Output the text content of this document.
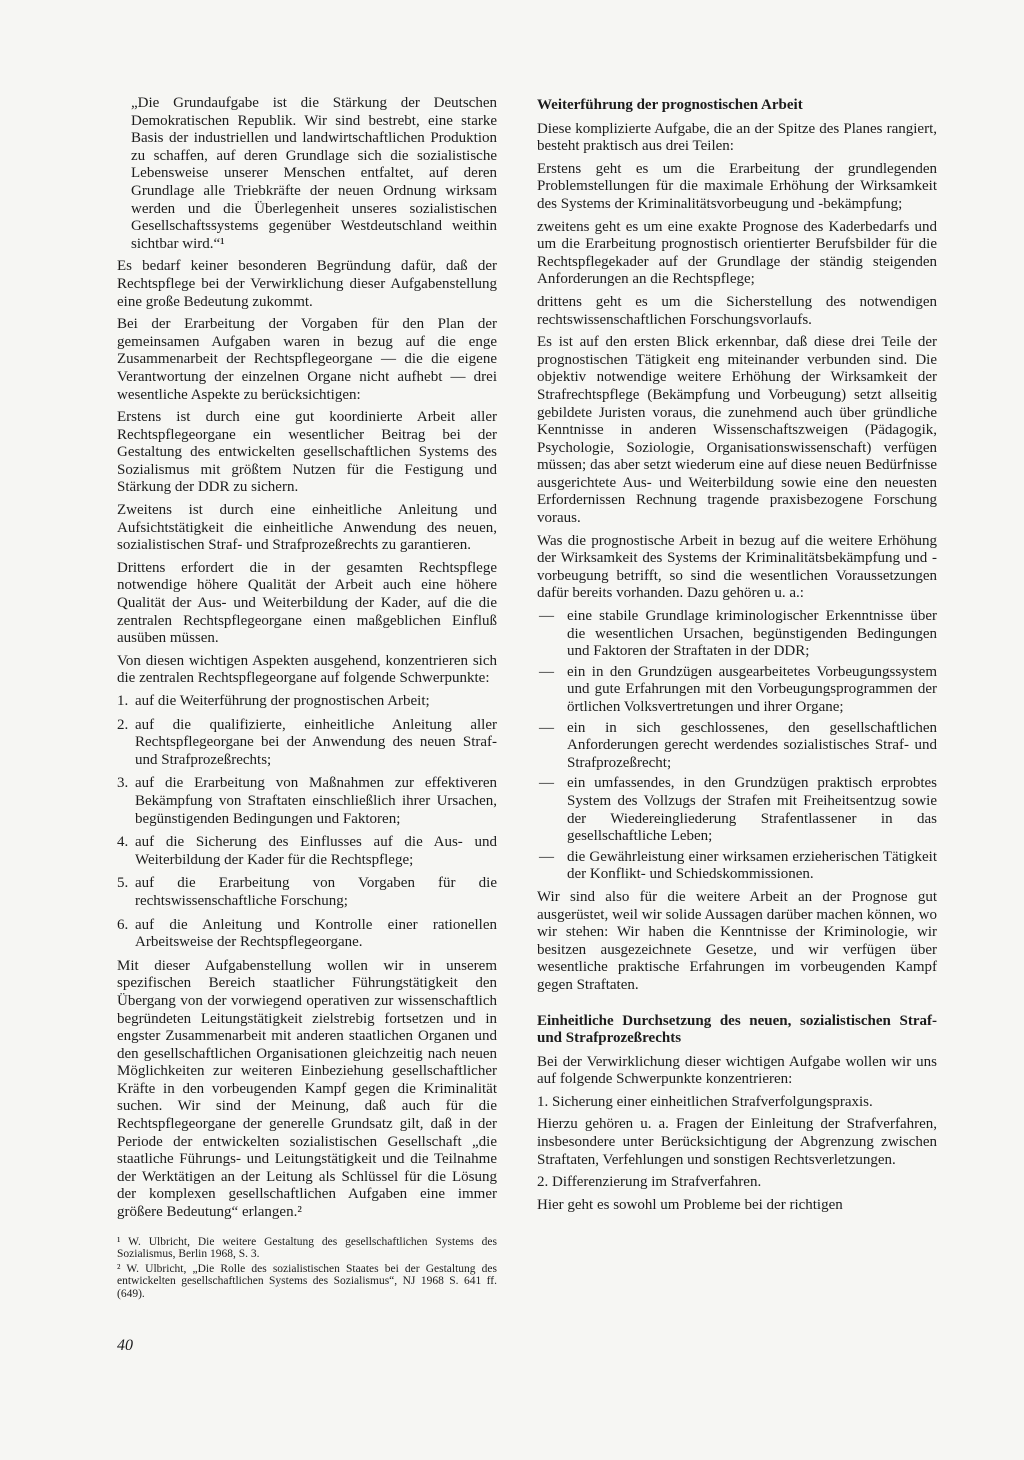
„Die Grundaufgabe ist die Stärkung der Deutschen Demokratischen Republik. Wir sind bestrebt, eine starke Basis der industriellen und landwirtschaftlichen Produktion zu schaffen, auf deren Grundlage sich die sozialistische Lebensweise unserer Menschen entfaltet, auf deren Grundlage alle Triebkräfte der neuen Ordnung wirksam werden und die Überlegenheit unseres sozialistischen Gesellschaftssystems gegenüber Westdeutschland weithin sichtbar wird.“¹

Es bedarf keiner besonderen Begründung dafür, daß der Rechtspflege bei der Verwirklichung dieser Aufgabenstellung eine große Bedeutung zukommt.

Bei der Erarbeitung der Vorgaben für den Plan der gemeinsamen Aufgaben waren in bezug auf die enge Zusammenarbeit der Rechtspflegeorgane — die die eigene Verantwortung der einzelnen Organe nicht aufhebt — drei wesentliche Aspekte zu berücksichtigen:

Erstens ist durch eine gut koordinierte Arbeit aller Rechtspflegeorgane ein wesentlicher Beitrag bei der Gestaltung des entwickelten gesellschaftlichen Systems des Sozialismus mit größtem Nutzen für die Festigung und Stärkung der DDR zu sichern.

Zweitens ist durch eine einheitliche Anleitung und Aufsichtstätigkeit die einheitliche Anwendung des neuen, sozialistischen Straf- und Strafprozeßrechts zu garantieren.

Drittens erfordert die in der gesamten Rechtspflege notwendige höhere Qualität der Arbeit auch eine höhere Qualität der Aus- und Weiterbildung der Kader, auf die die zentralen Rechtspflegeorgane einen maßgeblichen Einfluß ausüben müssen.

Von diesen wichtigen Aspekten ausgehend, konzentrieren sich die zentralen Rechtspflegeorgane auf folgende Schwerpunkte:

1. auf die Weiterführung der prognostischen Arbeit;
2. auf die qualifizierte, einheitliche Anleitung aller Rechtspflegeorgane bei der Anwendung des neuen Straf- und Strafprozeßrechts;
3. auf die Erarbeitung von Maßnahmen zur effektiveren Bekämpfung von Straftaten einschließlich ihrer Ursachen, begünstigenden Bedingungen und Faktoren;
4. auf die Sicherung des Einflusses auf die Aus- und Weiterbildung der Kader für die Rechtspflege;
5. auf die Erarbeitung von Vorgaben für die rechtswissenschaftliche Forschung;
6. auf die Anleitung und Kontrolle einer rationellen Arbeitsweise der Rechtspflegeorgane.

Mit dieser Aufgabenstellung wollen wir in unserem spezifischen Bereich staatlicher Führungstätigkeit den Übergang von der vorwiegend operativen zur wissenschaftlich begründeten Leitungstätigkeit zielstrebig fortsetzen und in engster Zusammenarbeit mit anderen staatlichen Organen und den gesellschaftlichen Organisationen gleichzeitig nach neuen Möglichkeiten zur weiteren Einbeziehung gesellschaftlicher Kräfte in den vorbeugenden Kampf gegen die Kriminalität suchen. Wir sind der Meinung, daß auch für die Rechtspflegeorgane der generelle Grundsatz gilt, daß in der Periode der entwickelten sozialistischen Gesellschaft „die staatliche Führungs- und Leitungstätigkeit und die Teilnahme der Werktätigen an der Leitung als Schlüssel für die Lösung der komplexen gesellschaftlichen Aufgaben eine immer größere Bedeutung“ erlangen.²

¹ W. Ulbricht, Die weitere Gestaltung des gesellschaftlichen Systems des Sozialismus, Berlin 1968, S. 3.

² W. Ulbricht, „Die Rolle des sozialistischen Staates bei der Gestaltung des entwickelten gesellschaftlichen Systems des Sozialismus“, NJ 1968 S. 641 ff. (649).

Weiterführung der prognostischen Arbeit

Diese komplizierte Aufgabe, die an der Spitze des Planes rangiert, besteht praktisch aus drei Teilen:

Erstens geht es um die Erarbeitung der grundlegenden Problemstellungen für die maximale Erhöhung der Wirksamkeit des Systems der Kriminalitätsvorbeugung und -bekämpfung;

zweitens geht es um eine exakte Prognose des Kaderbedarfs und um die Erarbeitung prognostisch orientierter Berufsbilder für die Rechtspflegekader auf der Grundlage der ständig steigenden Anforderungen an die Rechtspflege;

drittens geht es um die Sicherstellung des notwendigen rechtswissenschaftlichen Forschungsvorlaufs.

Es ist auf den ersten Blick erkennbar, daß diese drei Teile der prognostischen Tätigkeit eng miteinander verbunden sind. Die objektiv notwendige weitere Erhöhung der Wirksamkeit der Strafrechtspflege (Bekämpfung und Vorbeugung) setzt allseitig gebildete Juristen voraus, die zunehmend auch über gründliche Kenntnisse in anderen Wissenschaftszweigen (Pädagogik, Psychologie, Soziologie, Organisationswissenschaft) verfügen müssen; das aber setzt wiederum eine auf diese neuen Bedürfnisse ausgerichtete Aus- und Weiterbildung sowie eine den neuesten Erfordernissen Rechnung tragende praxisbezogene Forschung voraus.

Was die prognostische Arbeit in bezug auf die weitere Erhöhung der Wirksamkeit des Systems der Kriminalitätsbekämpfung und -vorbeugung betrifft, so sind die wesentlichen Voraussetzungen dafür bereits vorhanden. Dazu gehören u. a.:

— eine stabile Grundlage kriminologischer Erkenntnisse über die wesentlichen Ursachen, begünstigenden Bedingungen und Faktoren der Straftaten in der DDR;
— ein in den Grundzügen ausgearbeitetes Vorbeugungssystem und gute Erfahrungen mit den Vorbeugungsprogrammen der örtlichen Volksvertretungen und ihrer Organe;
— ein in sich geschlossenes, den gesellschaftlichen Anforderungen gerecht werdendes sozialistisches Straf- und Strafprozeßrecht;
— ein umfassendes, in den Grundzügen praktisch erprobtes System des Vollzugs der Strafen mit Freiheitsentzug sowie der Wiedereingliederung Strafentlassener in das gesellschaftliche Leben;
— die Gewährleistung einer wirksamen erzieherischen Tätigkeit der Konflikt- und Schiedskommissionen.

Wir sind also für die weitere Arbeit an der Prognose gut ausgerüstet, weil wir solide Aussagen darüber machen können, wo wir stehen: Wir haben die Kenntnisse der Kriminologie, wir besitzen ausgezeichnete Gesetze, und wir verfügen über wesentliche praktische Erfahrungen im vorbeugenden Kampf gegen Straftaten.

Einheitliche Durchsetzung des neuen, sozialistischen Straf- und Strafprozeßrechts

Bei der Verwirklichung dieser wichtigen Aufgabe wollen wir uns auf folgende Schwerpunkte konzentrieren:

1. Sicherung einer einheitlichen Strafverfolgungspraxis.

Hierzu gehören u. a. Fragen der Einleitung der Strafverfahren, insbesondere unter Berücksichtigung der Abgrenzung zwischen Straftaten, Verfehlungen und sonstigen Rechtsverletzungen.

2. Differenzierung im Strafverfahren.

Hier geht es sowohl um Probleme bei der richtigen

40
